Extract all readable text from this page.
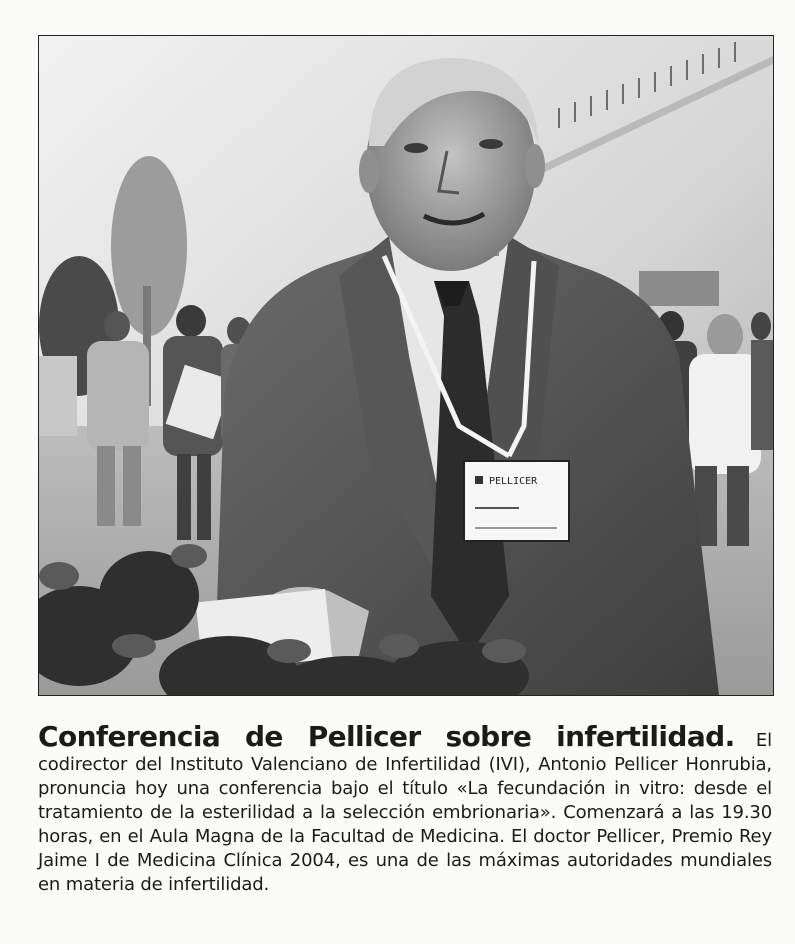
PELLICER
Conferencia de Pellicer sobre infertilidad. El codirector del Instituto Valenciano de Infertilidad (IVI), Antonio Pellicer Honrubia, pronuncia hoy una conferencia bajo el título «La fecundación in vitro: desde el tratamiento de la esterilidad a la selección embrionaria». Comenzará a las 19.30 horas, en el Aula Magna de la Facultad de Medicina. El doctor Pellicer, Premio Rey Jaime I de Medicina Clínica 2004, es una de las máximas autoridades mundiales en materia de infertilidad.
